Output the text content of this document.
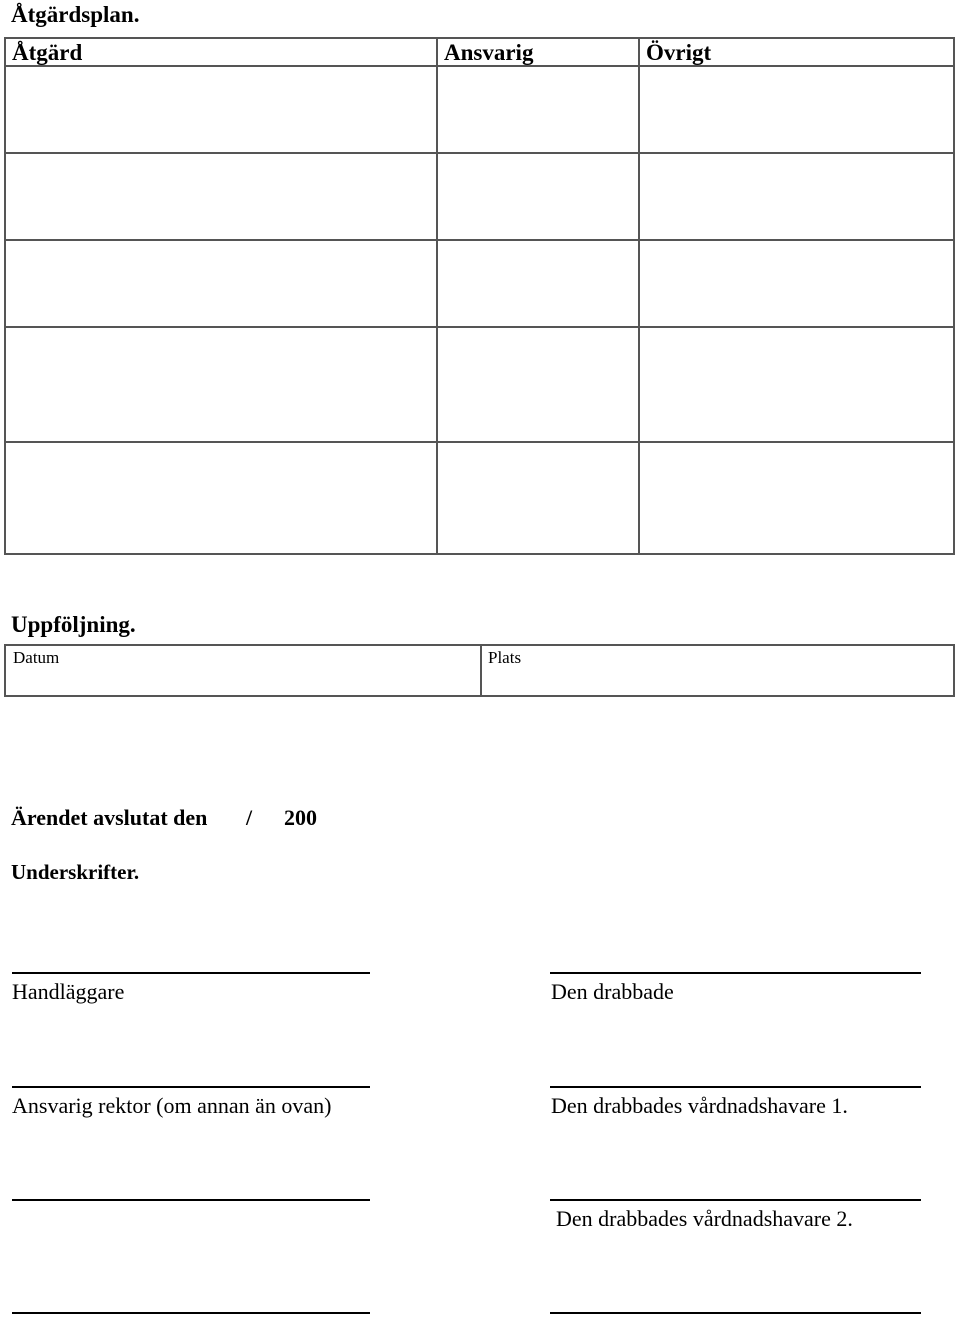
Åtgärdsplan.
Åtgärd	Ansvarig	Övrigt
Uppföljning.
Datum	Plats
Ärendet avslutat den / 200
Underskrifter.
Handläggare	Den drabbade
Ansvarig rektor (om annan än ovan)	Den drabbades vårdnadshavare 1.
Den drabbades vårdnadshavare 2.
